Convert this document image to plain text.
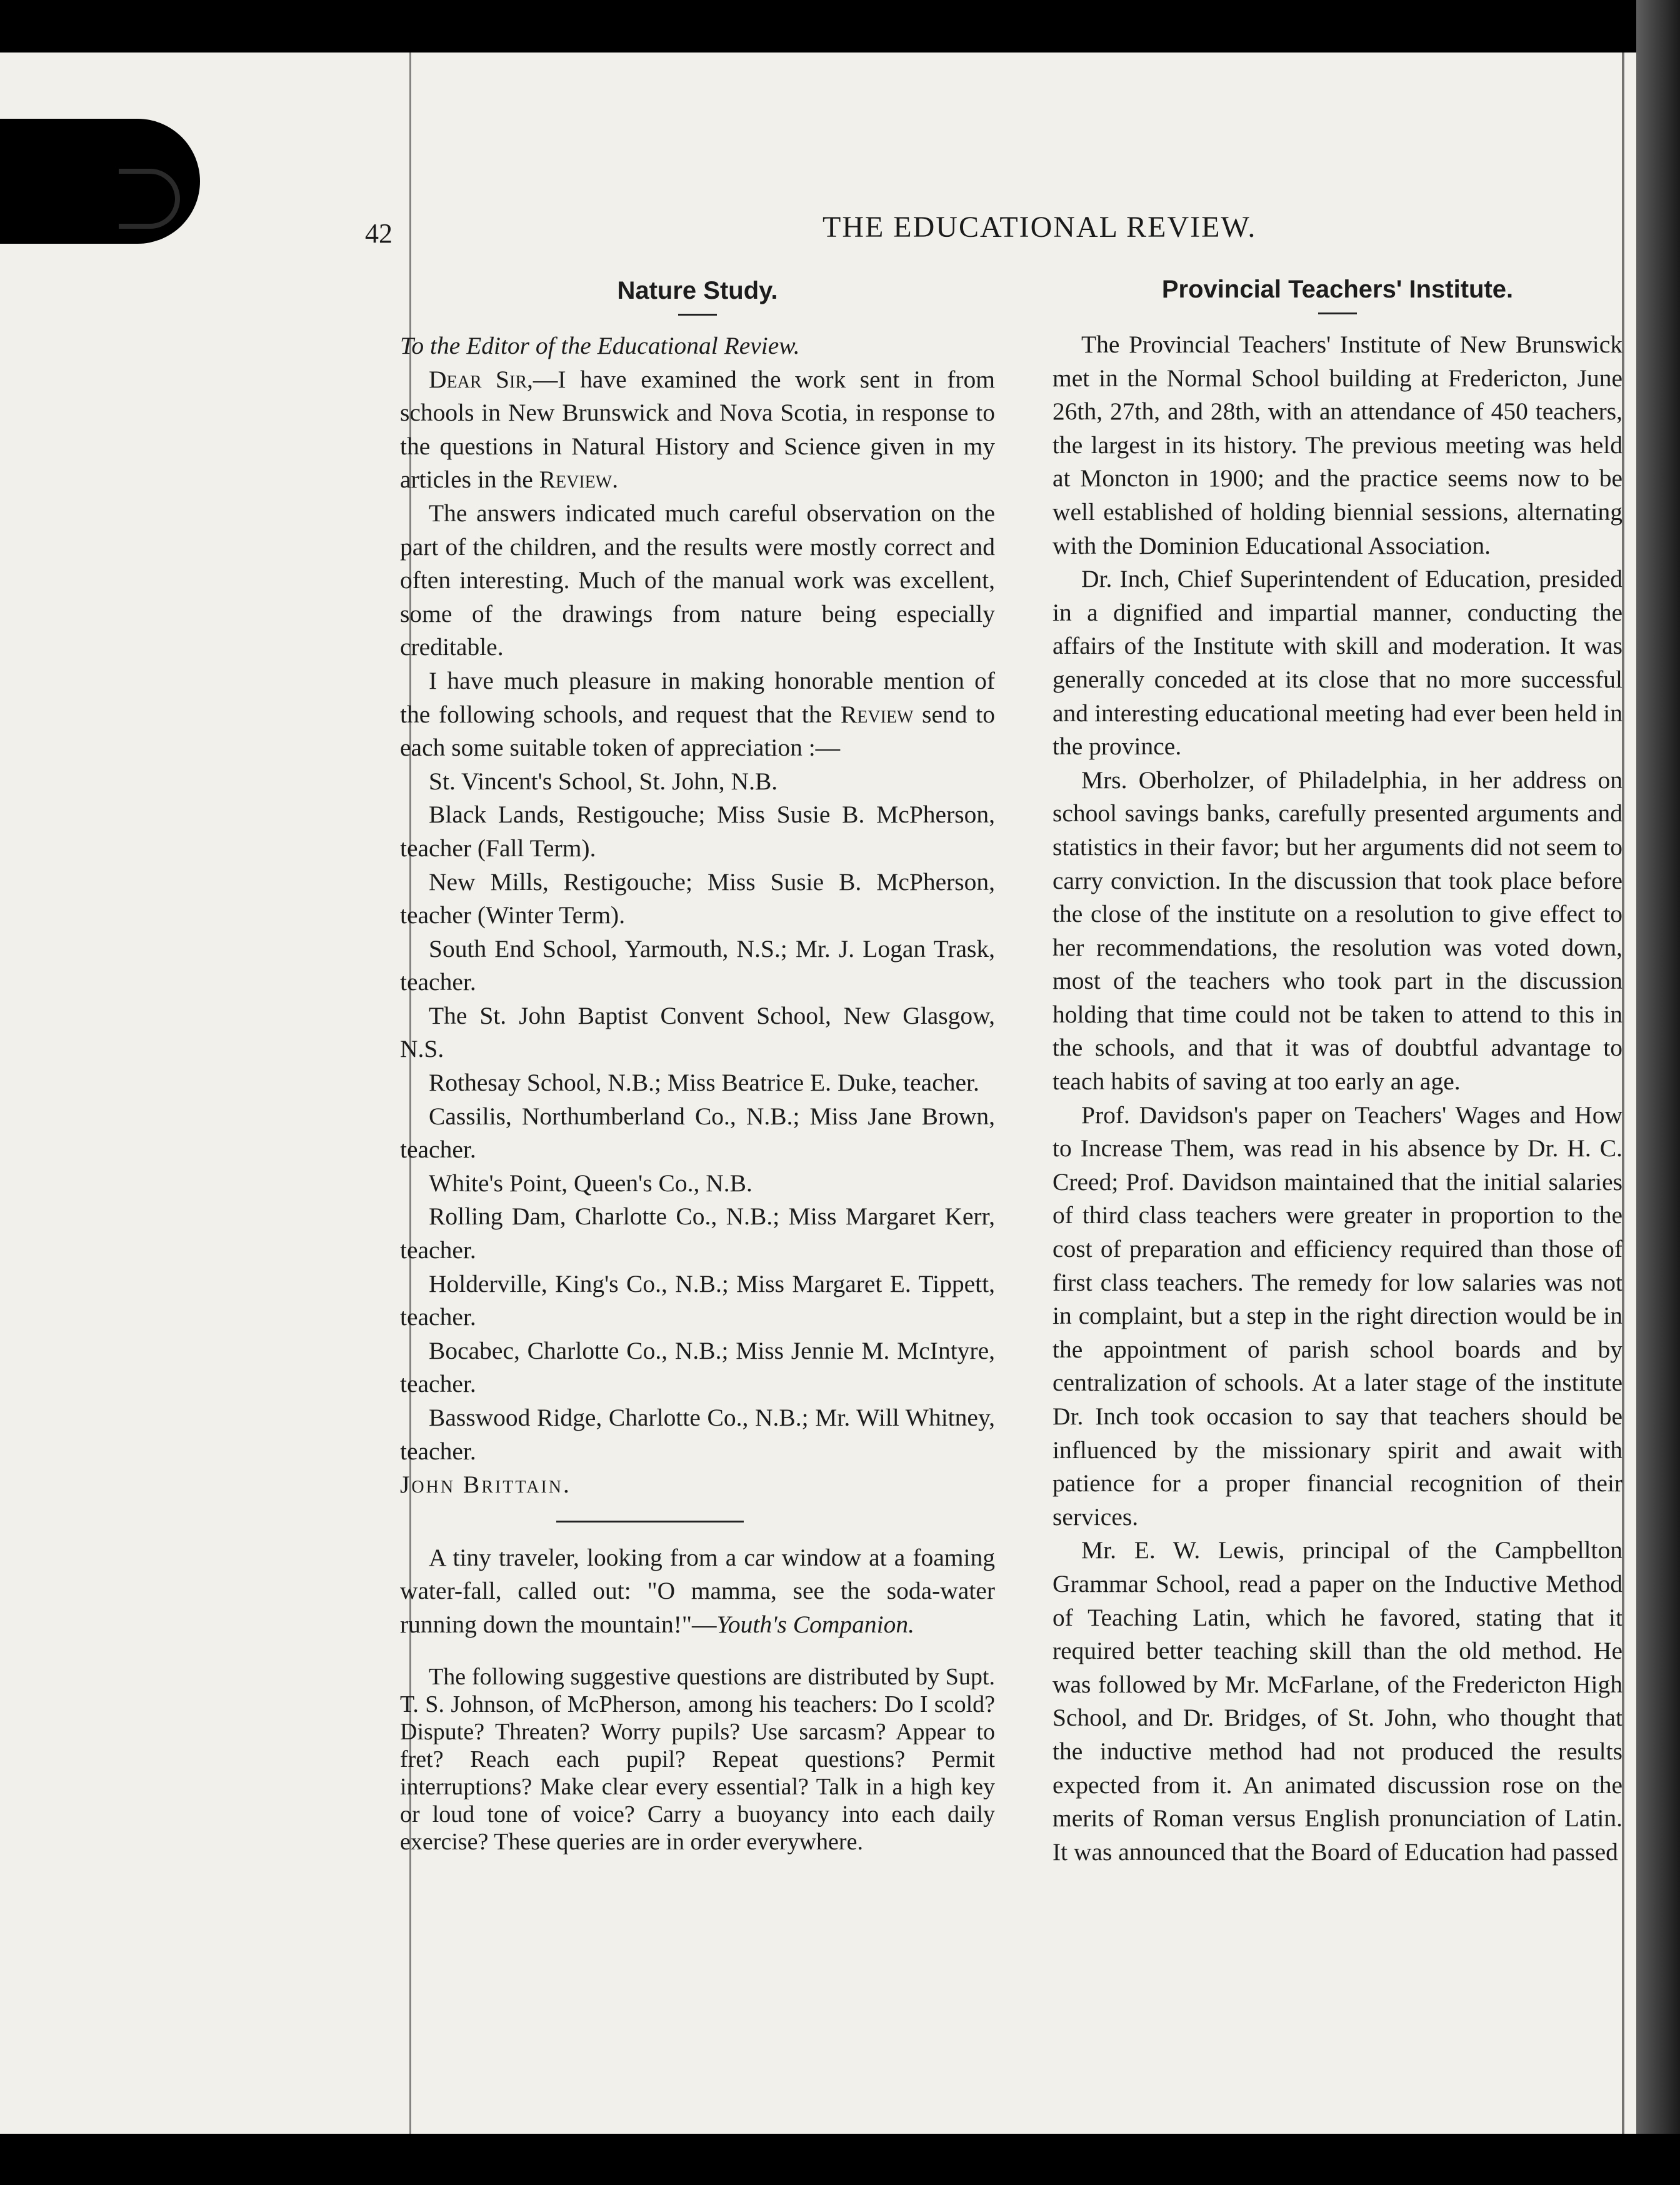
42	THE EDUCATIONAL REVIEW.
Nature Study.

To the Editor of the Educational Review.

Dear Sir,—I have examined the work sent in from schools in New Brunswick and Nova Scotia, in response to the questions in Natural History and Science given in my articles in the Review.

The answers indicated much careful observation on the part of the children, and the results were mostly correct and often interesting. Much of the manual work was excellent, some of the drawings from nature being especially creditable.

I have much pleasure in making honorable mention of the following schools, and request that the Review send to each some suitable token of appreciation :—

St. Vincent's School, St. John, N.B.

Black Lands, Restigouche; Miss Susie B. McPherson, teacher (Fall Term).

New Mills, Restigouche; Miss Susie B. McPherson, teacher (Winter Term).

South End School, Yarmouth, N.S.; Mr. J. Logan Trask, teacher.

The St. John Baptist Convent School, New Glasgow, N.S.

Rothesay School, N.B.; Miss Beatrice E. Duke, teacher.

Cassilis, Northumberland Co., N.B.; Miss Jane Brown, teacher.

White's Point, Queen's Co., N.B.

Rolling Dam, Charlotte Co., N.B.; Miss Margaret Kerr, teacher.

Holderville, King's Co., N.B.; Miss Margaret E. Tippett, teacher.

Bocabec, Charlotte Co., N.B.; Miss Jennie M. McIntyre, teacher.

Basswood Ridge, Charlotte Co., N.B.; Mr. Will Whitney, teacher.

John Brittain.

A tiny traveler, looking from a car window at a foaming water-fall, called out: "O mamma, see the soda-water running down the mountain!"—Youth's Companion.

The following suggestive questions are distributed by Supt. T. S. Johnson, of McPherson, among his teachers: Do I scold? Dispute? Threaten? Worry pupils? Use sarcasm? Appear to fret? Reach each pupil? Repeat questions? Permit interruptions? Make clear every essential? Talk in a high key or loud tone of voice? Carry a buoyancy into each daily exercise? These queries are in order everywhere.

Provincial Teachers' Institute.

The Provincial Teachers' Institute of New Brunswick met in the Normal School building at Fredericton, June 26th, 27th, and 28th, with an attendance of 450 teachers, the largest in its history. The previous meeting was held at Moncton in 1900; and the practice seems now to be well established of holding biennial sessions, alternating with the Dominion Educational Association.

Dr. Inch, Chief Superintendent of Education, presided in a dignified and impartial manner, conducting the affairs of the Institute with skill and moderation. It was generally conceded at its close that no more successful and interesting educational meeting had ever been held in the province.

Mrs. Oberholzer, of Philadelphia, in her address on school savings banks, carefully presented arguments and statistics in their favor; but her arguments did not seem to carry conviction. In the discussion that took place before the close of the institute on a resolution to give effect to her recommendations, the resolution was voted down, most of the teachers who took part in the discussion holding that time could not be taken to attend to this in the schools, and that it was of doubtful advantage to teach habits of saving at too early an age.

Prof. Davidson's paper on Teachers' Wages and How to Increase Them, was read in his absence by Dr. H. C. Creed; Prof. Davidson maintained that the initial salaries of third class teachers were greater in proportion to the cost of preparation and efficiency required than those of first class teachers. The remedy for low salaries was not in complaint, but a step in the right direction would be in the appointment of parish school boards and by centralization of schools. At a later stage of the institute Dr. Inch took occasion to say that teachers should be influenced by the missionary spirit and await with patience for a proper financial recognition of their services.

Mr. E. W. Lewis, principal of the Campbellton Grammar School, read a paper on the Inductive Method of Teaching Latin, which he favored, stating that it required better teaching skill than the old method. He was followed by Mr. McFarlane, of the Fredericton High School, and Dr. Bridges, of St. John, who thought that the inductive method had not produced the results expected from it. An animated discussion rose on the merits of Roman versus English pronunciation of Latin. It was announced that the Board of Education had passed
